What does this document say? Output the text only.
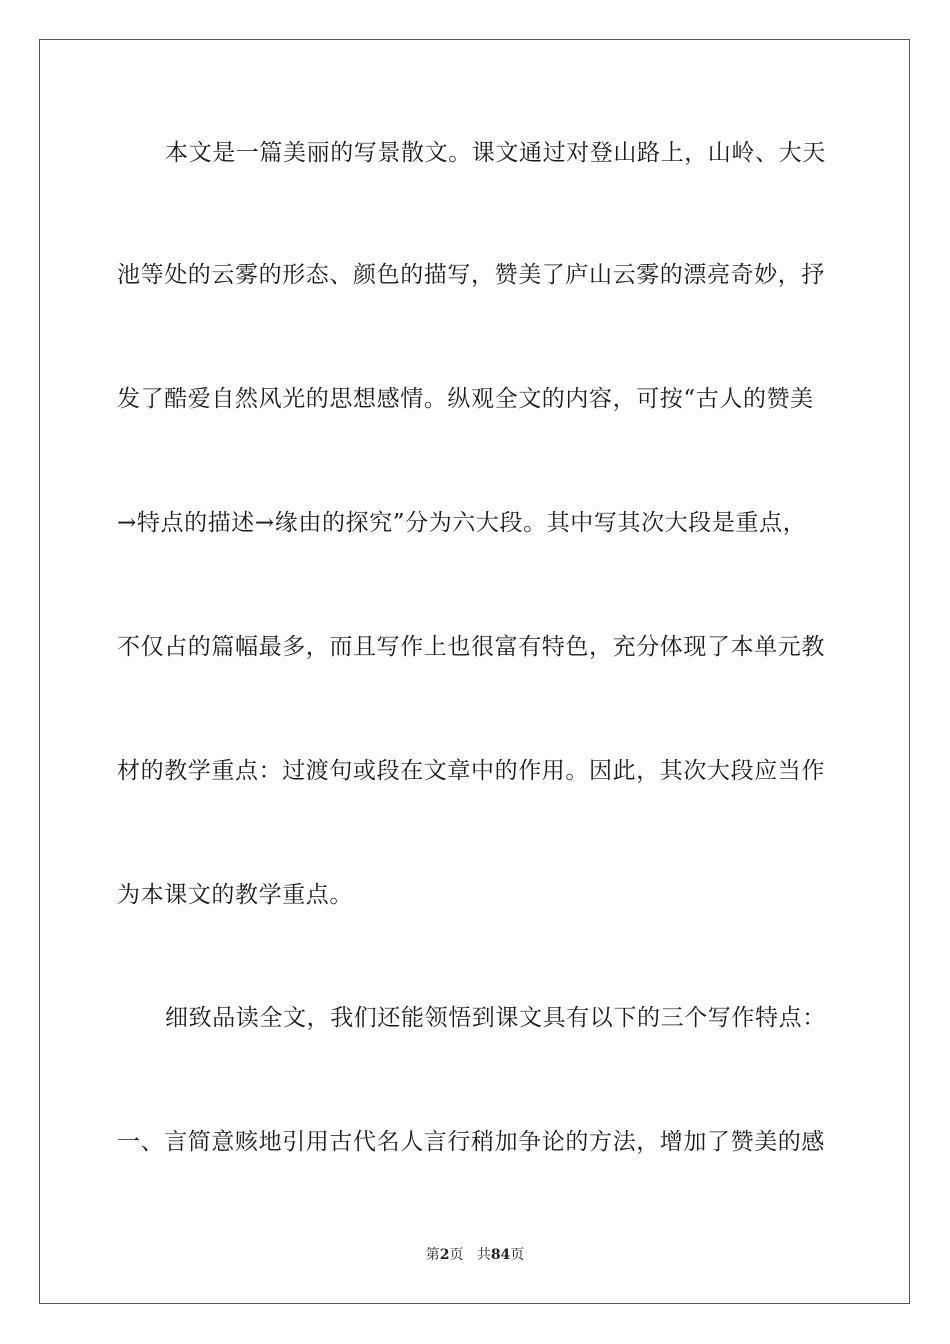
本文是一篇美丽的写景散文。课文通过对登山路上，山岭、大天
池等处的云雾的形态、颜色的描写，赞美了庐山云雾的漂亮奇妙，抒
发了酷爱自然风光的思想感情。纵观全文的内容，可按“古人的赞美
→特点的描述→缘由的探究”分为六大段。其中写其次大段是重点，
不仅占的篇幅最多，而且写作上也很富有特色，充分体现了本单元教
材的教学重点：过渡句或段在文章中的作用。因此，其次大段应当作
为本课文的教学重点。
细致品读全文，我们还能领悟到课文具有以下的三个写作特点：
一、言简意赅地引用古代名人言行稍加争论的方法，增加了赞美的感
第2页 共84页
